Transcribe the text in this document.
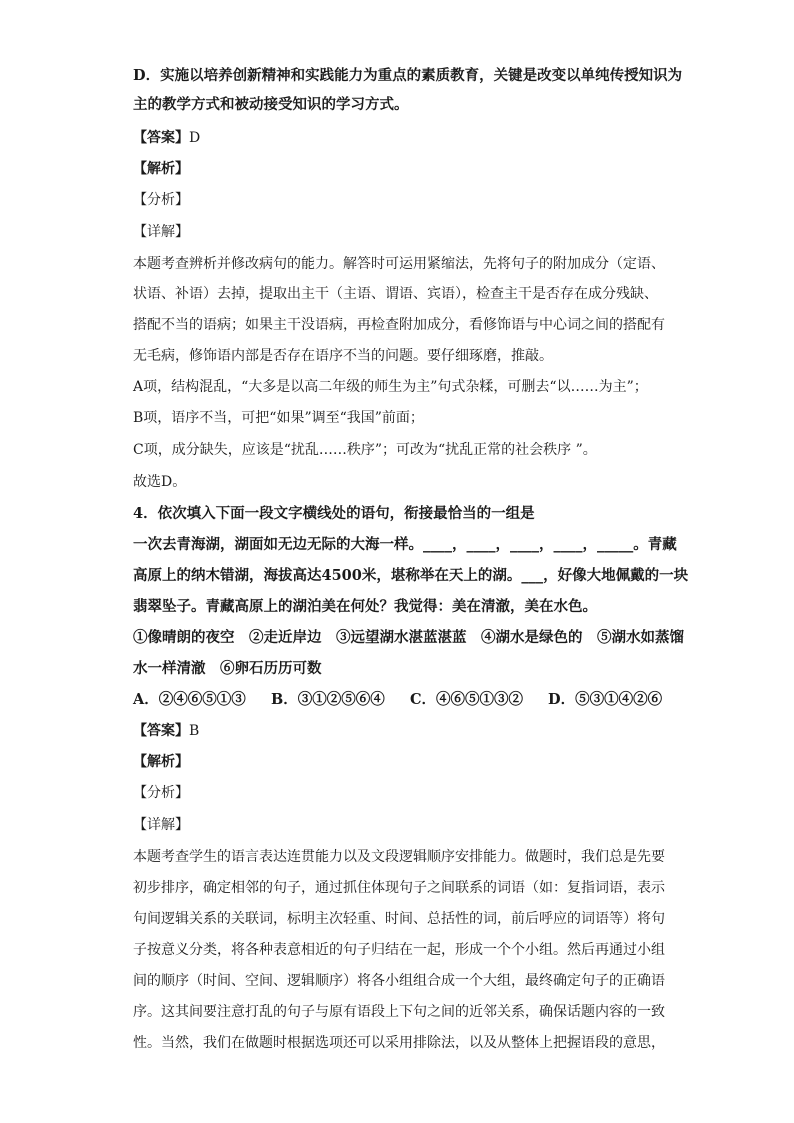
D．实施以培养创新精神和实践能力为重点的素质教育，关键是改变以单纯传授知识为
主的教学方式和被动接受知识的学习方式。
【答案】D
【解析】
【分析】
【详解】
本题考查辨析并修改病句的能力。解答时可运用紧缩法，先将句子的附加成分（定语、
状语、补语）去掉，提取出主干（主语、谓语、宾语），检查主干是否存在成分残缺、
搭配不当的语病；如果主干没语病，再检查附加成分，看修饰语与中心词之间的搭配有
无毛病，修饰语内部是否存在语序不当的问题。要仔细琢磨，推敲。
A项，结构混乱，“大多是以高二年级的师生为主”句式杂糅，可删去“以……为主”；
B项，语序不当，可把“如果”调至“我国”前面；
C项，成分缺失，应该是“扰乱……秩序”；可改为“扰乱正常的社会秩序 ”。
故选D。
4．依次填入下面一段文字横线处的语句，衔接最恰当的一组是
一次去青海湖，湖面如无边无际的大海一样。____，____，____，____，_____。青藏
高原上的纳木错湖，海拔高达4500米，堪称举在天上的湖。___，好像大地佩戴的一块
翡翠坠子。青藏高原上的湖泊美在何处？我觉得：美在清澈，美在水色。
①像晴朗的夜空　②走近岸边　③远望湖水湛蓝湛蓝　④湖水是绿色的　⑤湖水如蒸馏
水一样清澈　⑥卵石历历可数
A．②④⑥⑤①③	B．③①②⑤⑥④	C．④⑥⑤①③②	D．⑤③①④②⑥
【答案】B
【解析】
【分析】
【详解】
本题考查学生的语言表达连贯能力以及文段逻辑顺序安排能力。做题时，我们总是先要
初步排序，确定相邻的句子，通过抓住体现句子之间联系的词语（如：复指词语，表示
句间逻辑关系的关联词，标明主次轻重、时间、总括性的词，前后呼应的词语等）将句
子按意义分类，将各种表意相近的句子归结在一起，形成一个个小组。然后再通过小组
间的顺序（时间、空间、逻辑顺序）将各小组组合成一个大组，最终确定句子的正确语
序。这其间要注意打乱的句子与原有语段上下句之间的近邻关系，确保话题内容的一致
性。当然，我们在做题时根据选项还可以采用排除法，以及从整体上把握语段的意思，
